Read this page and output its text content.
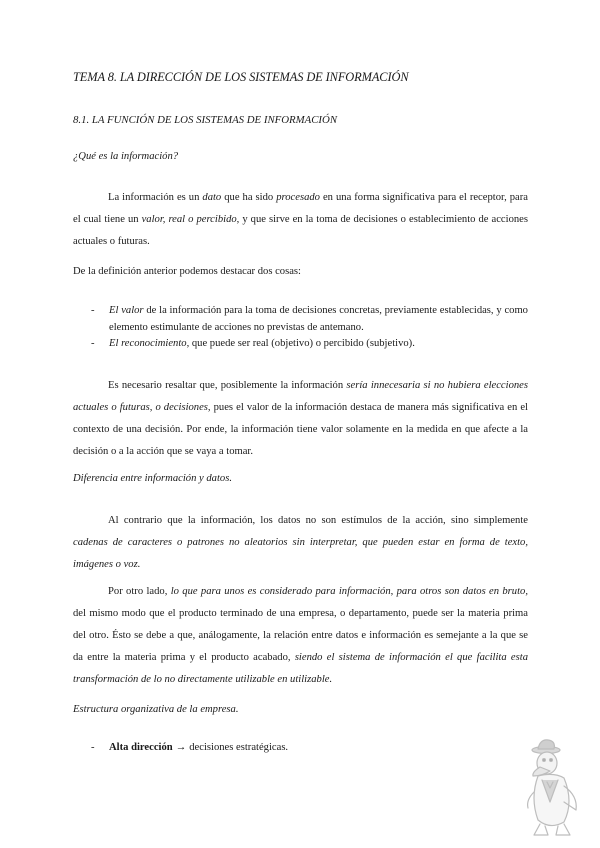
TEMA 8. LA DIRECCIÓN DE LOS SISTEMAS DE INFORMACIÓN

8.1. LA FUNCIÓN DE LOS SISTEMAS DE INFORMACIÓN

¿Qué es la información?

La información es un dato que ha sido procesado en una forma significativa para el receptor, para el cual tiene un valor, real o percibido, y que sirve en la toma de decisiones o establecimiento de acciones actuales o futuras.

De la definición anterior podemos destacar dos cosas:

- El valor de la información para la toma de decisiones concretas, previamente establecidas, y como elemento estimulante de acciones no previstas de antemano.
- El reconocimiento, que puede ser real (objetivo) o percibido (subjetivo).

Es necesario resaltar que, posiblemente la información sería innecesaria si no hubiera elecciones actuales o futuras, o decisiones, pues el valor de la información destaca de manera más significativa en el contexto de una decisión. Por ende, la información tiene valor solamente en la medida en que afecte a la decisión o a la acción que se vaya a tomar.

Diferencia entre información y datos.

Al contrario que la información, los datos no son estímulos de la acción, sino simplemente cadenas de caracteres o patrones no aleatorios sin interpretar, que pueden estar en forma de texto, imágenes o voz.

Por otro lado, lo que para unos es considerado para información, para otros son datos en bruto, del mismo modo que el producto terminado de una empresa, o departamento, puede ser la materia prima del otro. Ésto se debe a que, análogamente, la relación entre datos e información es semejante a la que se da entre la materia prima y el producto acabado, siendo el sistema de información el que facilita esta transformación de lo no directamente utilizable en utilizable.

Estructura organizativa de la empresa.

- Alta dirección → decisiones estratégicas.
